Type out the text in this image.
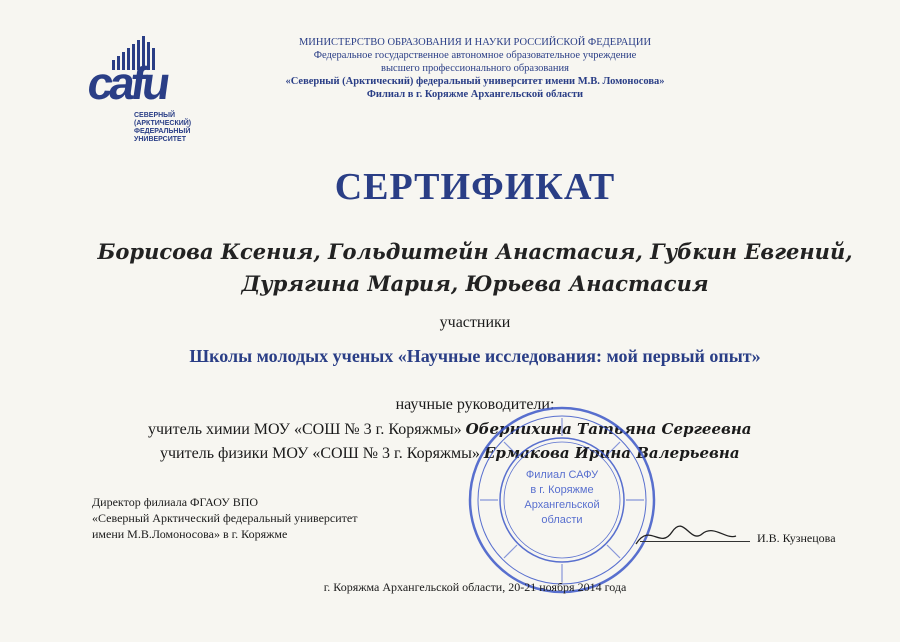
cafu
СЕВЕРНЫЙ
(АРКТИЧЕСКИЙ)
ФЕДЕРАЛЬНЫЙ
УНИВЕРСИТЕТ
МИНИСТЕРСТВО ОБРАЗОВАНИЯ И НАУКИ РОССИЙСКОЙ ФЕДЕРАЦИИ
Федеральное государственное автономное образовательное учреждение
высшего профессионального образования
«Северный (Арктический) федеральный университет имени М.В. Ломоносова»
Филиал в г. Коряжме Архангельской области
СЕРТИФИКАТ
Борисова Ксения, Гольдштейн Анастасия, Губкин Евгений,
Дурягина Мария, Юрьева Анастасия
участники
Школы молодых ученых «Научные исследования: мой первый опыт»
научные руководители:
учитель химии МОУ «СОШ № 3 г. Коряжмы» Обернихина Татьяна Сергеевна
учитель физики МОУ «СОШ № 3 г. Коряжмы» Ермакова Ирина Валерьевна
Директор филиала ФГАОУ ВПО
«Северный Арктический федеральный университет
имени М.В.Ломоносова» в г. Коряжме
Филиал САФУ
в г. Коряжме
Архангельской
области
И.В. Кузнецова
г. Коряжма Архангельской области, 20-21 ноября 2014 года
